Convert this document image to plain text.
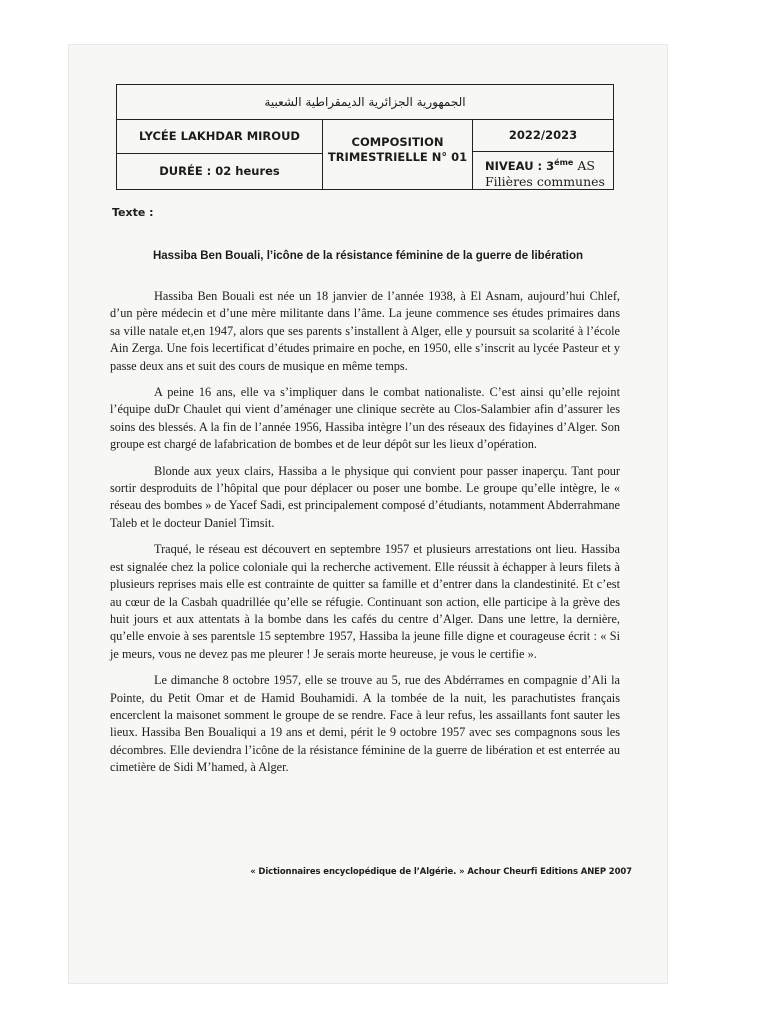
الجمهورية الجزائرية الديمقراطية الشعبية
LYCÉE LAKHDAR MIROUD
DURÉE : 02 heures
COMPOSITION
TRIMESTRIELLE N° 01
2022/2023
NIVEAU : $3^{éme}$ AS
Filières communes
Texte :
Hassiba Ben Bouali, l’icône de la résistance féminine de la guerre de libération

Hassiba Ben Bouali est née un 18 janvier de l’année 1938, à El Asnam, aujourd’hui Chlef, d’un père médecin et d’une mère militante dans l’âme. La jeune commence ses études primaires dans sa ville natale et,en 1947, alors que ses parents s’installent à Alger, elle y poursuit sa scolarité à l’école Ain Zerga. Une fois lecertificat d’études primaire en poche, en 1950, elle s’inscrit au lycée Pasteur et y passe deux ans et suit des cours de musique en même temps.

A peine 16 ans, elle va s’impliquer dans le combat nationaliste. C’est ainsi qu’elle rejoint l’équipe duDr Chaulet qui vient d’aménager une clinique secrète au Clos-Salambier afin d’assurer les soins des blessés. A la fin de l’année 1956, Hassiba intègre l’un des réseaux des fidayines d’Alger. Son groupe est chargé de lafabrication de bombes et de leur dépôt sur les lieux d’opération.

Blonde aux yeux clairs, Hassiba a le physique qui convient pour passer inaperçu. Tant pour sortir desproduits de l’hôpital que pour déplacer ou poser une bombe. Le groupe qu’elle intègre, le « réseau des bombes » de Yacef Sadi, est principalement composé d’étudiants, notamment Abderrahmane Taleb et le docteur Daniel Timsit.

Traqué, le réseau est découvert en septembre 1957 et plusieurs arrestations ont lieu. Hassiba est signalée chez la police coloniale qui la recherche activement. Elle réussit à échapper à leurs filets à plusieurs reprises mais elle est contrainte de quitter sa famille et d’entrer dans la clandestinité. Et c’est au cœur de la Casbah quadrillée qu’elle se réfugie. Continuant son action, elle participe à la grève des huit jours et aux attentats à la bombe dans les cafés du centre d’Alger. Dans une lettre, la dernière, qu’elle envoie à ses parentsle 15 septembre 1957, Hassiba la jeune fille digne et courageuse écrit : « Si je meurs, vous ne devez pas me pleurer ! Je serais morte heureuse, je vous le certifie ».

Le dimanche 8 octobre 1957, elle se trouve au 5, rue des Abdérrames en compagnie d’Ali la Pointe, du Petit Omar et de Hamid Bouhamidi. A la tombée de la nuit, les parachutistes français encerclent la maisonet somment le groupe de se rendre. Face à leur refus, les assaillants font sauter les lieux. Hassiba Ben Boualiqui a 19 ans et demi, périt le 9 octobre 1957 avec ses compagnons sous les décombres. Elle deviendra l’icône de la résistance féminine de la guerre de libération et est enterrée au cimetière de Sidi M’hamed, à Alger.

« Dictionnaires encyclopédique de l’Algérie. » Achour Cheurfi Editions ANEP 2007
